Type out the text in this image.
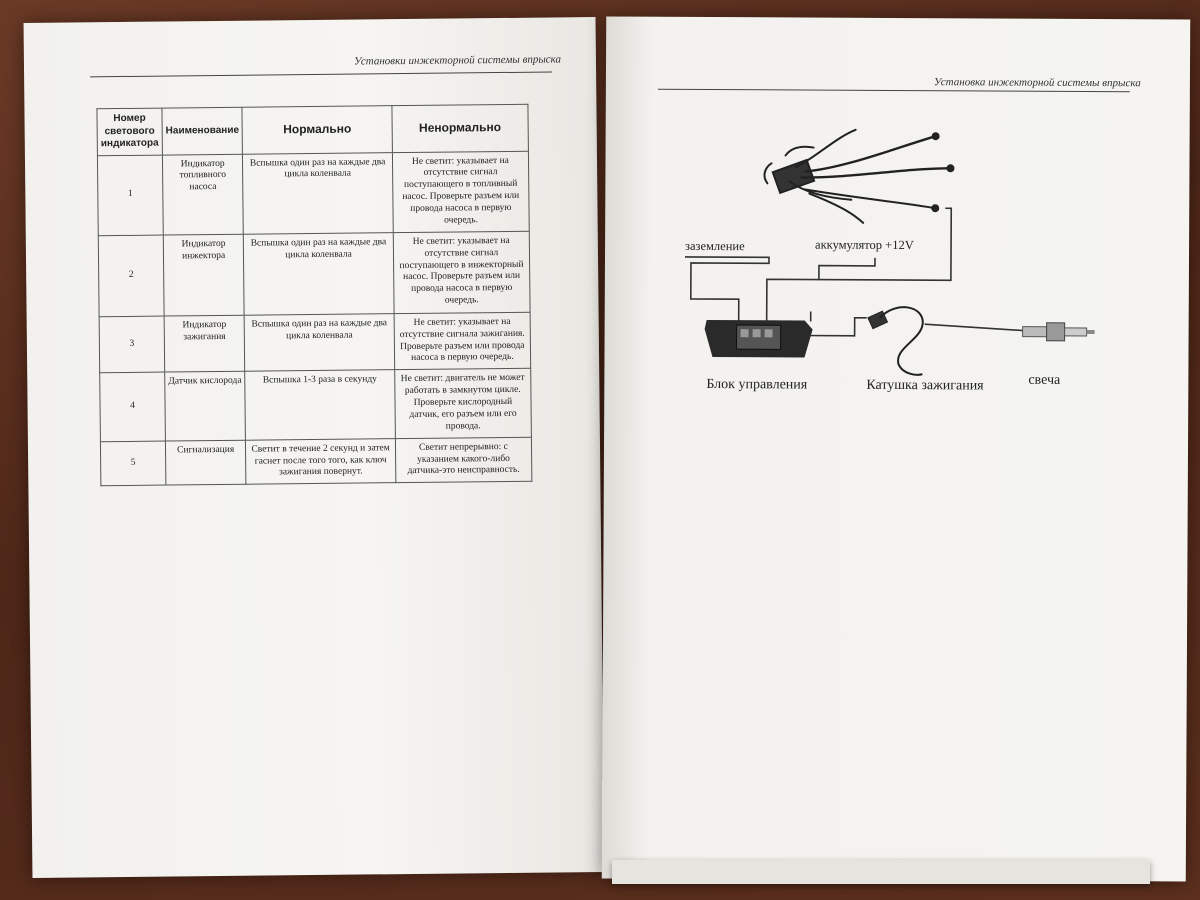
Установки инжекторной системы впрыска
Номер светового индикатора	Наименование	Нормально	Ненормально
1	Индикатор топливного насоса	Вспышка один раз на каждые два цикла коленвала	Не светит: указывает на отсутствие сигнал поступающего в топливный насос. Проверьте разъем или провода насоса в первую очередь.
2	Индикатор инжектора	Вспышка один раз на каждые два цикла коленвала	Не светит: указывает на отсутствие сигнал поступающего в инжекторный насос. Проверьте разъем или провода насоса в первую очередь.
3	Индикатор зажигания	Вспышка один раз на каждые два цикла коленвала	Не светит: указывает на отсутствие сигнала зажигания. Проверьте разъем или провода насоса в первую очередь.
4	Датчик кислорода	Вспышка 1-3 раза в секунду	Не светит: двигатель не может работать в замкнутом цикле. Проверьте кислородный датчик, его разъем или его провода.
5	Сигнализация	Светит в течение 2 секунд и затем гаснет после того того, как ключ зажигания повернут.	Светит непрерывно: с указанием какого-либо датчика-это неисправность.
Установка инжекторной системы впрыска
заземление	аккумулятор +12V
Блок управления	Катушка зажигания	свеча
